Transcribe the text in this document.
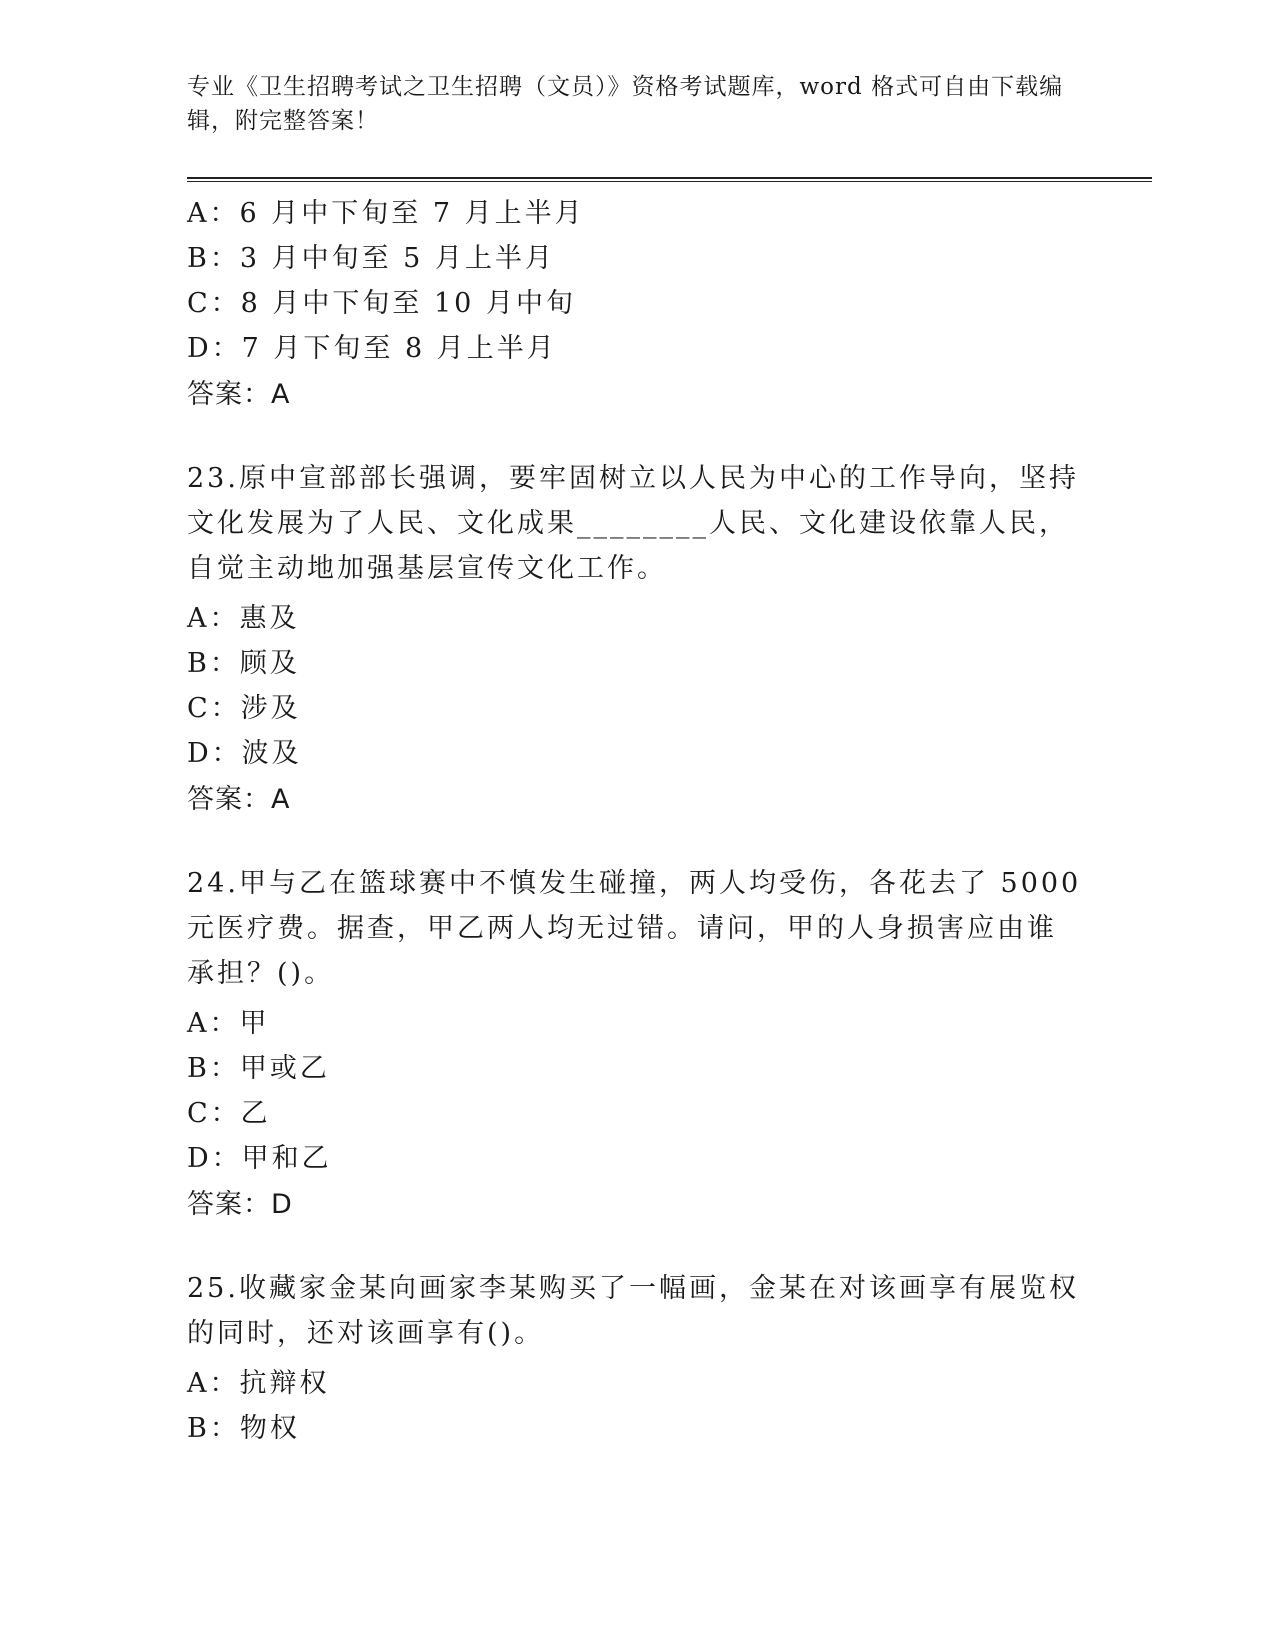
专业《卫生招聘考试之卫生招聘（文员）》资格考试题库，word 格式可自由下载编辑，附完整答案！
A：6 月中下旬至 7 月上半月
B：3 月中旬至 5 月上半月
C：8 月中下旬至 10 月中旬
D：7 月下旬至 8 月上半月
答案：A
23.原中宣部部长强调，要牢固树立以人民为中心的工作导向，坚持文化发展为了人民、文化成果________人民、文化建设依靠人民，自觉主动地加强基层宣传文化工作。
A：惠及
B：顾及
C：涉及
D：波及
答案：A
24.甲与乙在篮球赛中不慎发生碰撞，两人均受伤，各花去了 5000 元医疗费。据查，甲乙两人均无过错。请问，甲的人身损害应由谁承担？()。
A：甲
B：甲或乙
C：乙
D：甲和乙
答案：D
25.收藏家金某向画家李某购买了一幅画，金某在对该画享有展览权的同时，还对该画享有()。
A：抗辩权
B：物权
